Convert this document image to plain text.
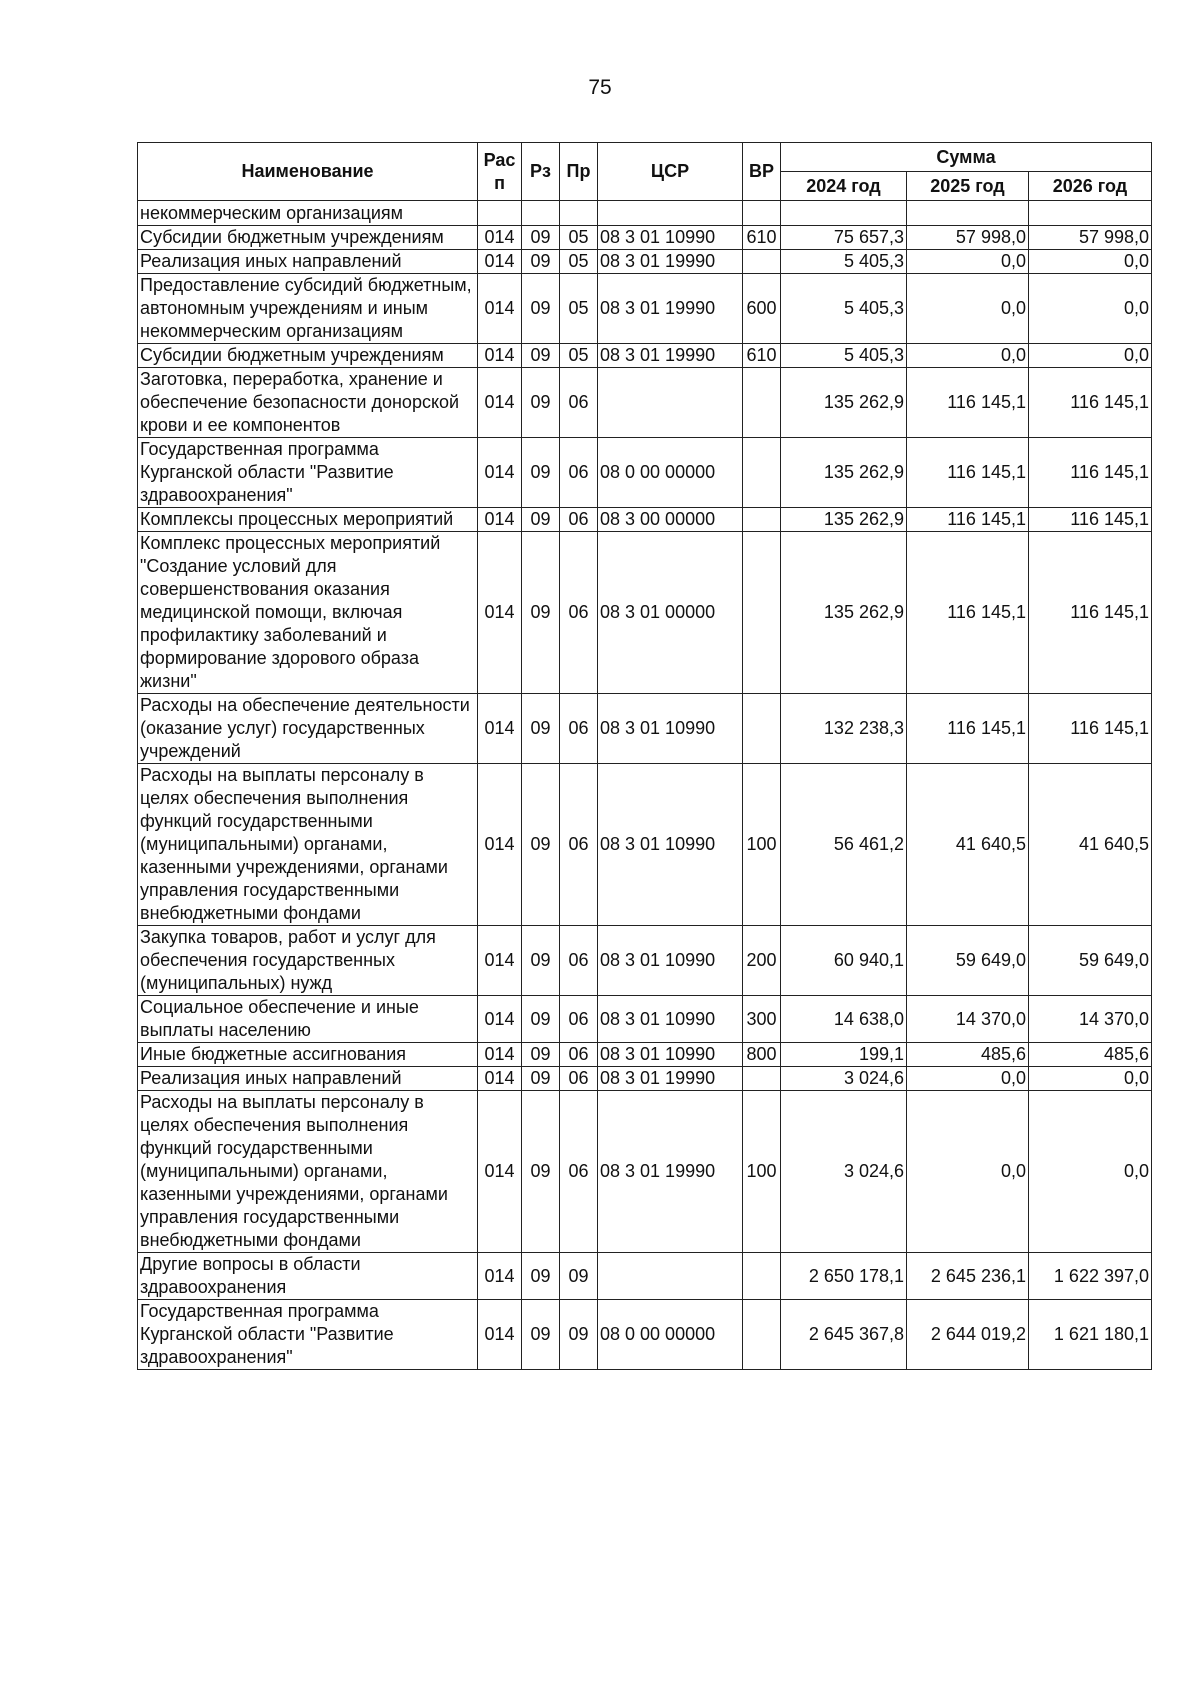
75
Наименование	Рас п	Рз	Пр	ЦСР	ВР	Сумма		
						2024 год	2025 год	2026 год
некоммерческим организациям								
Субсидии бюджетным учреждениям	014	09	05	08 3 01 10990	610	75 657,3	57 998,0	57 998,0
Реализация иных направлений	014	09	05	08 3 01 19990		5 405,3	0,0	0,0
Предоставление субсидий бюджетным, автономным учреждениям и иным некоммерческим организациям	014	09	05	08 3 01 19990	600	5 405,3	0,0	0,0
Субсидии бюджетным учреждениям	014	09	05	08 3 01 19990	610	5 405,3	0,0	0,0
Заготовка, переработка, хранение и обеспечение безопасности донорской крови и ее компонентов	014	09	06			135 262,9	116 145,1	116 145,1
Государственная программа Курганской области "Развитие здравоохранения"	014	09	06	08 0 00 00000		135 262,9	116 145,1	116 145,1
Комплексы процессных мероприятий	014	09	06	08 3 00 00000		135 262,9	116 145,1	116 145,1
Комплекс процессных мероприятий "Создание условий для совершенствования оказания медицинской помощи, включая профилактику заболеваний и формирование здорового образа жизни"	014	09	06	08 3 01 00000		135 262,9	116 145,1	116 145,1
Расходы на обеспечение деятельности (оказание услуг) государственных учреждений	014	09	06	08 3 01 10990		132 238,3	116 145,1	116 145,1
Расходы на выплаты персоналу в целях обеспечения выполнения функций государственными (муниципальными) органами, казенными учреждениями, органами управления государственными внебюджетными фондами	014	09	06	08 3 01 10990	100	56 461,2	41 640,5	41 640,5
Закупка товаров, работ и услуг для обеспечения государственных (муниципальных) нужд	014	09	06	08 3 01 10990	200	60 940,1	59 649,0	59 649,0
Социальное обеспечение и иные выплаты населению	014	09	06	08 3 01 10990	300	14 638,0	14 370,0	14 370,0
Иные бюджетные ассигнования	014	09	06	08 3 01 10990	800	199,1	485,6	485,6
Реализация иных направлений	014	09	06	08 3 01 19990		3 024,6	0,0	0,0
Расходы на выплаты персоналу в целях обеспечения выполнения функций государственными (муниципальными) органами, казенными учреждениями, органами управления государственными внебюджетными фондами	014	09	06	08 3 01 19990	100	3 024,6	0,0	0,0
Другие вопросы в области здравоохранения	014	09	09			2 650 178,1	2 645 236,1	1 622 397,0
Государственная программа Курганской области "Развитие здравоохранения"	014	09	09	08 0 00 00000		2 645 367,8	2 644 019,2	1 621 180,1
